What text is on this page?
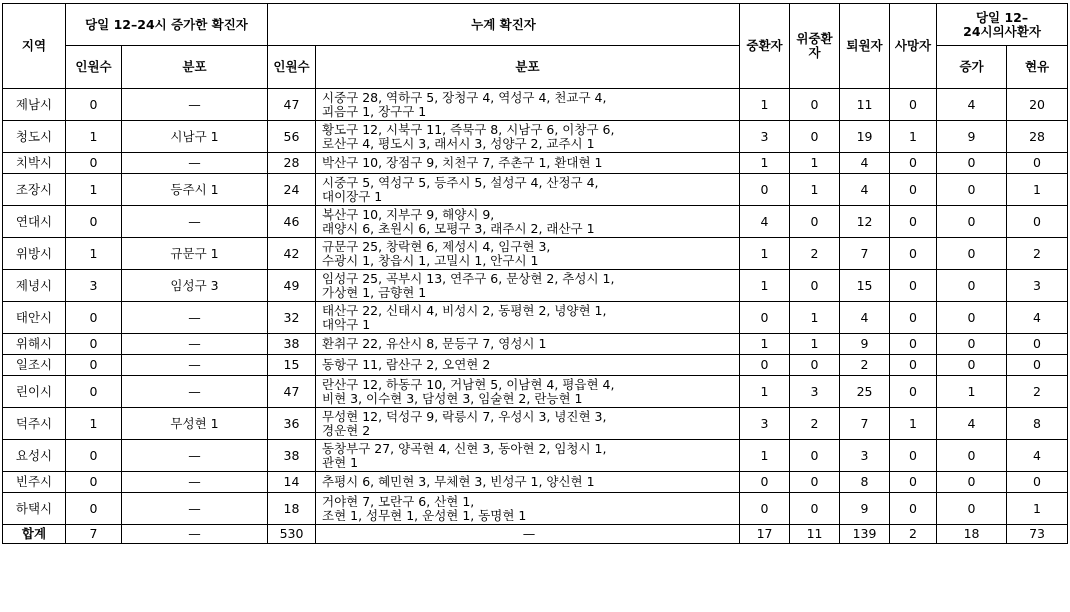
지역	당일 12–24시 증가한 확진자		누계 확진자		중환자	위중환자	퇴원자	사망자	당일 12–
24시의사환자	
	인원수	분포	인원수	분포					증가	현유
제남시	0	—	47	시중구 28, 역하구 5, 장청구 4, 역성구 4, 천교구 4,
괴음구 1, 장구구 1	1	0	11	0	4	20
청도시	1	시남구 1	56	황도구 12, 시북구 11, 즉묵구 8, 시남구 6, 이창구 6,
로산구 4, 평도시 3, 래서시 3, 성양구 2, 교주시 1	3	0	19	1	9	28
치박시	0	—	28	박산구 10, 장점구 9, 치천구 7, 주촌구 1, 환대현 1	1	1	4	0	0	0
조장시	1	등주시 1	24	시중구 5, 역성구 5, 등주시 5, 설성구 4, 산정구 4,
대이장구 1	0	1	4	0	0	1
연대시	0	—	46	복산구 10, 지부구 9, 해양시 9,
래양시 6, 초원시 6, 모평구 3, 래주시 2, 래산구 1	4	0	12	0	0	0
위방시	1	규문구 1	42	규문구 25, 창락현 6, 제성시 4, 임구현 3,
수광시 1, 창읍시 1, 고밀시 1, 안구시 1	1	2	7	0	0	2
제녕시	3	임성구 3	49	임성구 25, 곡부시 13, 연주구 6, 문상현 2, 추성시 1,
가상현 1, 금향현 1	1	0	15	0	0	3
태안시	0	—	32	태산구 22, 신태시 4, 비성시 2, 동평현 2, 녕양현 1,
대악구 1	0	1	4	0	0	4
위해시	0	—	38	환취구 22, 유산시 8, 문등구 7, 영성시 1	1	1	9	0	0	0
일조시	0	—	15	동항구 11, 람산구 2, 오연현 2	0	0	2	0	0	0
린이시	0	—	47	란산구 12, 하동구 10, 거남현 5, 이남현 4, 평읍현 4,
비현 3, 이수현 3, 담성현 3, 임술현 2, 란능현 1	1	3	25	0	1	2
덕주시	1	무성현 1	36	무성현 12, 덕성구 9, 락릉시 7, 우성시 3, 녕진현 3,
경운현 2	3	2	7	1	4	8
요성시	0	—	38	동창부구 27, 양곡현 4, 신현 3, 동아현 2, 임청시 1,
관현 1	1	0	3	0	0	4
빈주시	0	—	14	추평시 6, 혜민현 3, 무체현 3, 빈성구 1, 양신현 1	0	0	8	0	0	0
하택시	0	—	18	거야현 7, 모란구 6, 산현 1,
조현 1, 성무현 1, 운성현 1, 동명현 1	0	0	9	0	0	1
합계	7	—	530	—	17	11	139	2	18	73
